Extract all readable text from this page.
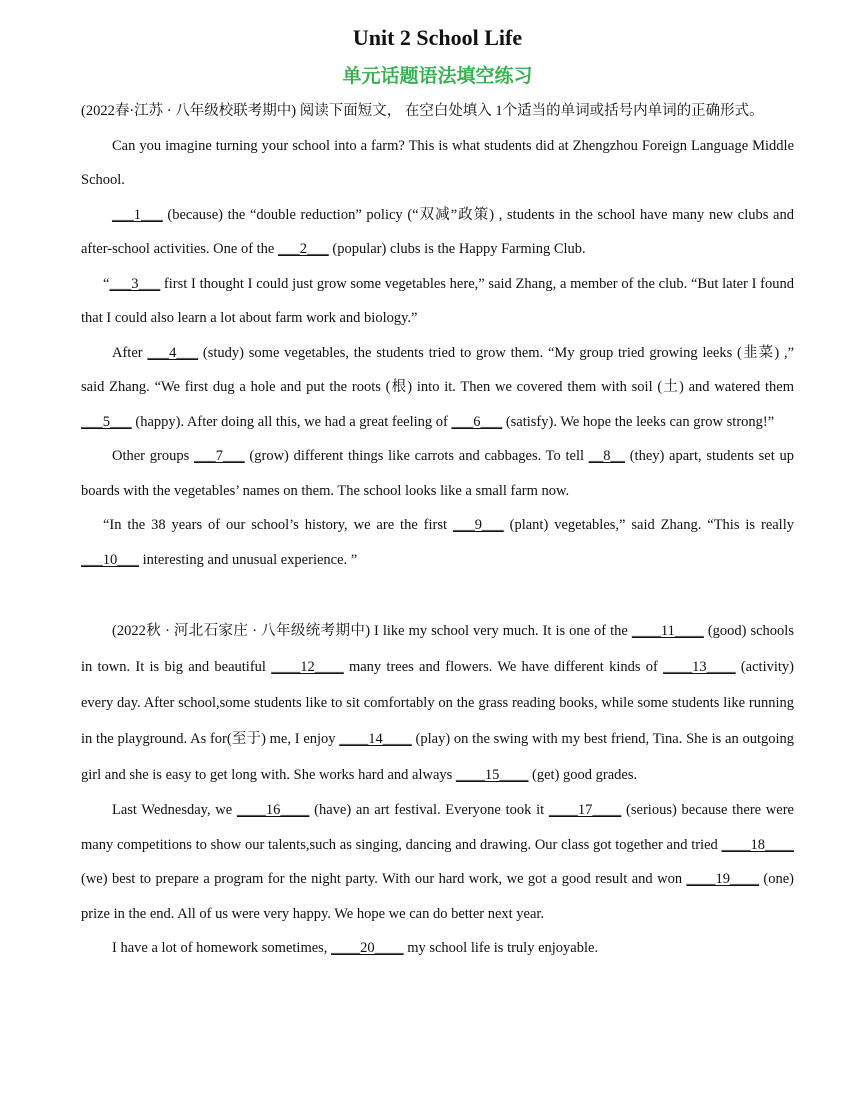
Unit 2 School Life
单元话题语法填空练习

(2022春·江苏 · 八年级校联考期中) 阅读下面短文， 在空白处填入 1个适当的单词或括号内单词的正确形式。

Can you imagine turning your school into a farm? This is what students did at Zhengzhou Foreign Language Middle School.

___1___ (because) the “double reduction” policy (“双减”政策) , students in the school have many new clubs and after-school activities. One of the ___2___ (popular) clubs is the Happy Farming Club.

“___3___ first I thought I could just grow some vegetables here,” said Zhang, a member of the club. “But later I found that I could also learn a lot about farm work and biology.”

After ___4___ (study) some vegetables, the students tried to grow them. “My group tried growing leeks (韭菜) ,” said Zhang. “We first dug a hole and put the roots (根) into it. Then we covered them with soil (土) and watered them ___5___ (happy). After doing all this, we had a great feeling of ___6___ (satisfy). We hope the leeks can grow strong!”

Other groups ___7___ (grow) different things like carrots and cabbages. To tell __8__ (they) apart, students set up boards with the vegetables’ names on them. The school looks like a small farm now.

“In the 38 years of our school’s history, we are the first ___9___ (plant) vegetables,” said Zhang. “This is really ___10___ interesting and unusual experience. ”

(2022秋 · 河北石家庄 · 八年级统考期中) I like my school very much. It is one of the ____11____ (good) schools in town. It is big and beautiful ____12____ many trees and flowers. We have different kinds of ____13____ (activity) every day. After school,some students like to sit comfortably on the grass reading books, while some students like running in the playground. As for(至于) me, I enjoy ____14____ (play) on the swing with my best friend, Tina. She is an outgoing girl and she is easy to get long with. She works hard and always ____15____ (get) good grades.

Last Wednesday, we ____16____ (have) an art festival. Everyone took it ____17____ (serious) because there were many competitions to show our talents,such as singing, dancing and drawing. Our class got together and tried ____18____ (we) best to prepare a program for the night party. With our hard work, we got a good result and won ____19____ (one) prize in the end. All of us were very happy. We hope we can do better next year.

I have a lot of homework sometimes, ____20____ my school life is truly enjoyable.
